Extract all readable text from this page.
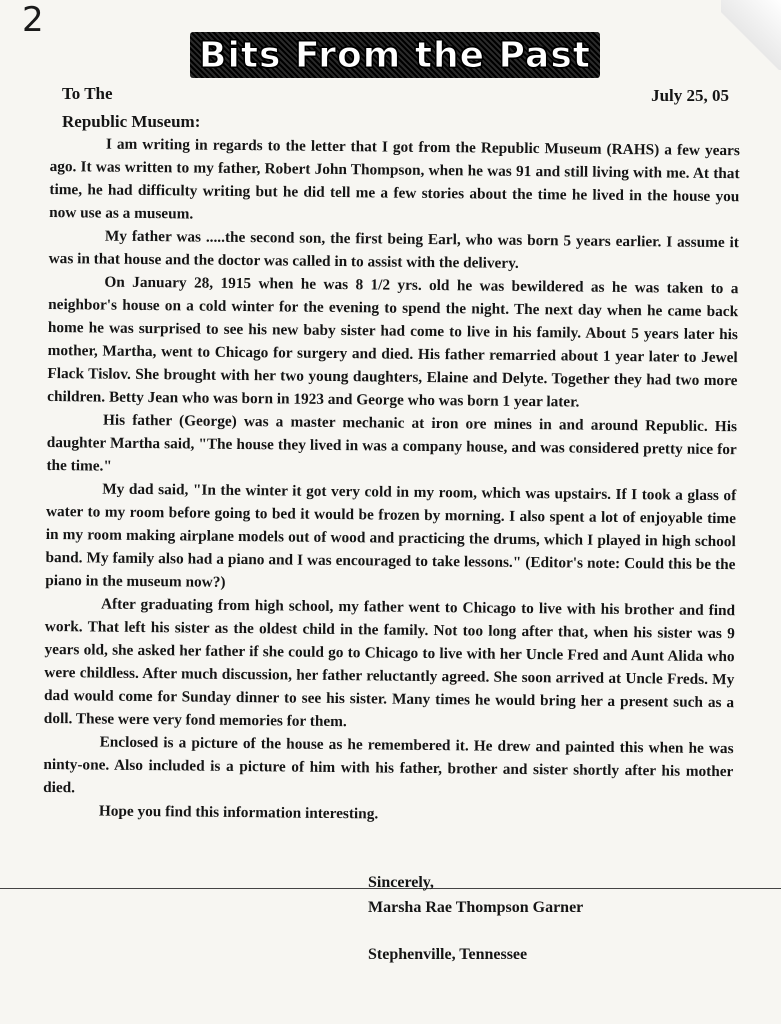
2
Bits From the Past
To The
Republic Museum:
July 25, 05

I am writing in regards to the letter that I got from the Republic Museum (RAHS) a few years ago. It was written to my father, Robert John Thompson, when he was 91 and still living with me. At that time, he had difficulty writing but he did tell me a few stories about the time he lived in the house you now use as a museum.

My father was .....the second son, the first being Earl, who was born 5 years earlier. I assume it was in that house and the doctor was called in to assist with the delivery.

On January 28, 1915 when he was 8 1/2 yrs. old he was bewildered as he was taken to a neighbor's house on a cold winter for the evening to spend the night. The next day when he came back home he was surprised to see his new baby sister had come to live in his family. About 5 years later his mother, Martha, went to Chicago for surgery and died. His father remarried about 1 year later to Jewel Flack Tislov. She brought with her two young daughters, Elaine and Delyte. Together they had two more children. Betty Jean who was born in 1923 and George who was born 1 year later.

His father (George) was a master mechanic at iron ore mines in and around Republic. His daughter Martha said, "The house they lived in was a company house, and was considered pretty nice for the time."

My dad said, "In the winter it got very cold in my room, which was upstairs. If I took a glass of water to my room before going to bed it would be frozen by morning. I also spent a lot of enjoyable time in my room making airplane models out of wood and practicing the drums, which I played in high school band. My family also had a piano and I was encouraged to take lessons." (Editor's note: Could this be the piano in the museum now?)

After graduating from high school, my father went to Chicago to live with his brother and find work. That left his sister as the oldest child in the family. Not too long after that, when his sister was 9 years old, she asked her father if she could go to Chicago to live with her Uncle Fred and Aunt Alida who were childless. After much discussion, her father reluctantly agreed. She soon arrived at Uncle Freds. My dad would come for Sunday dinner to see his sister. Many times he would bring her a present such as a doll. These were very fond memories for them.

Enclosed is a picture of the house as he remembered it. He drew and painted this when he was ninty-one. Also included is a picture of him with his father, brother and sister shortly after his mother died.

Hope you find this information interesting.

Sincerely,
Marsha Rae Thompson Garner
Stephenville, Tennessee
